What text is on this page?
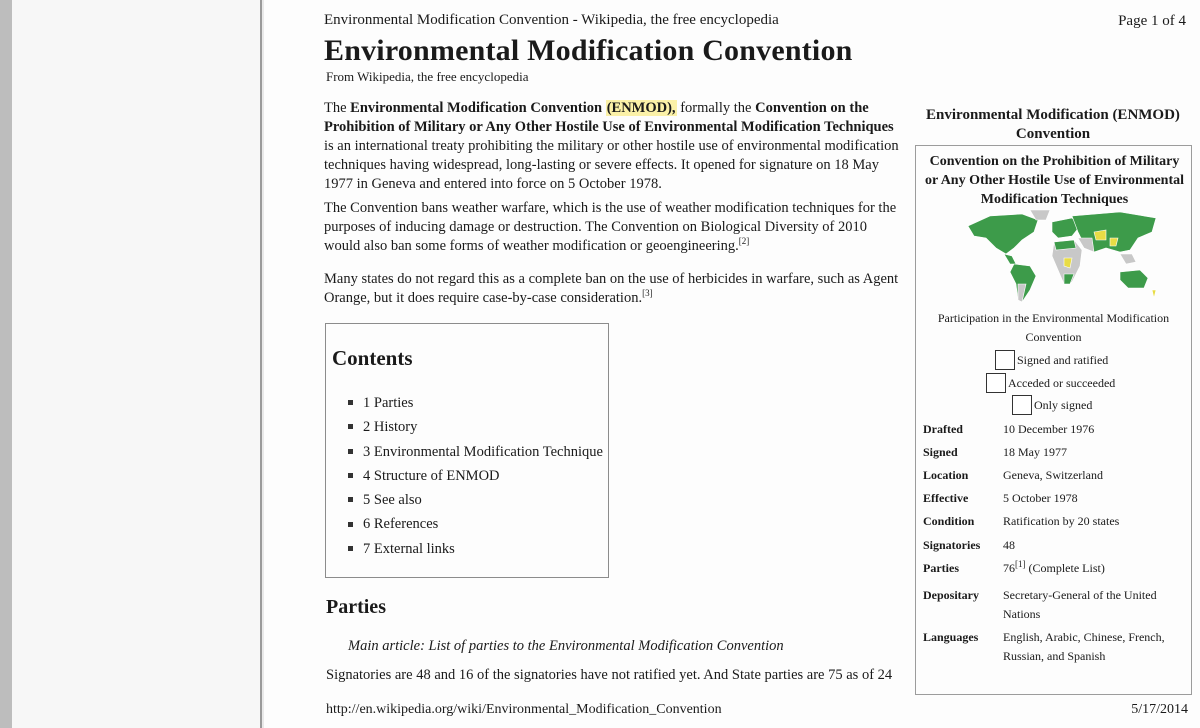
Environmental Modification Convention - Wikipedia, the free encyclopedia	Page 1 of 4
Environmental Modification Convention
From Wikipedia, the free encyclopedia
The Environmental Modification Convention (ENMOD), formally the Convention on the Prohibition of Military or Any Other Hostile Use of Environmental Modification Techniques is an international treaty prohibiting the military or other hostile use of environmental modification techniques having widespread, long-lasting or severe effects. It opened for signature on 18 May 1977 in Geneva and entered into force on 5 October 1978.
The Convention bans weather warfare, which is the use of weather modification techniques for the purposes of inducing damage or destruction. The Convention on Biological Diversity of 2010 would also ban some forms of weather modification or geoengineering.[2]
Many states do not regard this as a complete ban on the use of herbicides in warfare, such as Agent Orange, but it does require case-by-case consideration.[3]
Contents
1 Parties
2 History
3 Environmental Modification Technique
4 Structure of ENMOD
5 See also
6 References
7 External links
Parties
Main article: List of parties to the Environmental Modification Convention
Signatories are 48 and 16 of the signatories have not ratified yet. And State parties are 75 as of 24
http://en.wikipedia.org/wiki/Environmental_Modification_Convention	5/17/2014
Environmental Modification (ENMOD) Convention
Convention on the Prohibition of Military or Any Other Hostile Use of Environmental Modification Techniques
Participation in the Environmental Modification Convention
Signed and ratified
Acceded or succeeded
Only signed
Drafted	10 December 1976
Signed	18 May 1977
Location	Geneva, Switzerland
Effective	5 October 1978
Condition Ratification by 20 states
Signatories 48
Parties	76[1] (Complete List)
Depositary Secretary-General of the United Nations
Languages English, Arabic, Chinese, French, Russian, and Spanish
